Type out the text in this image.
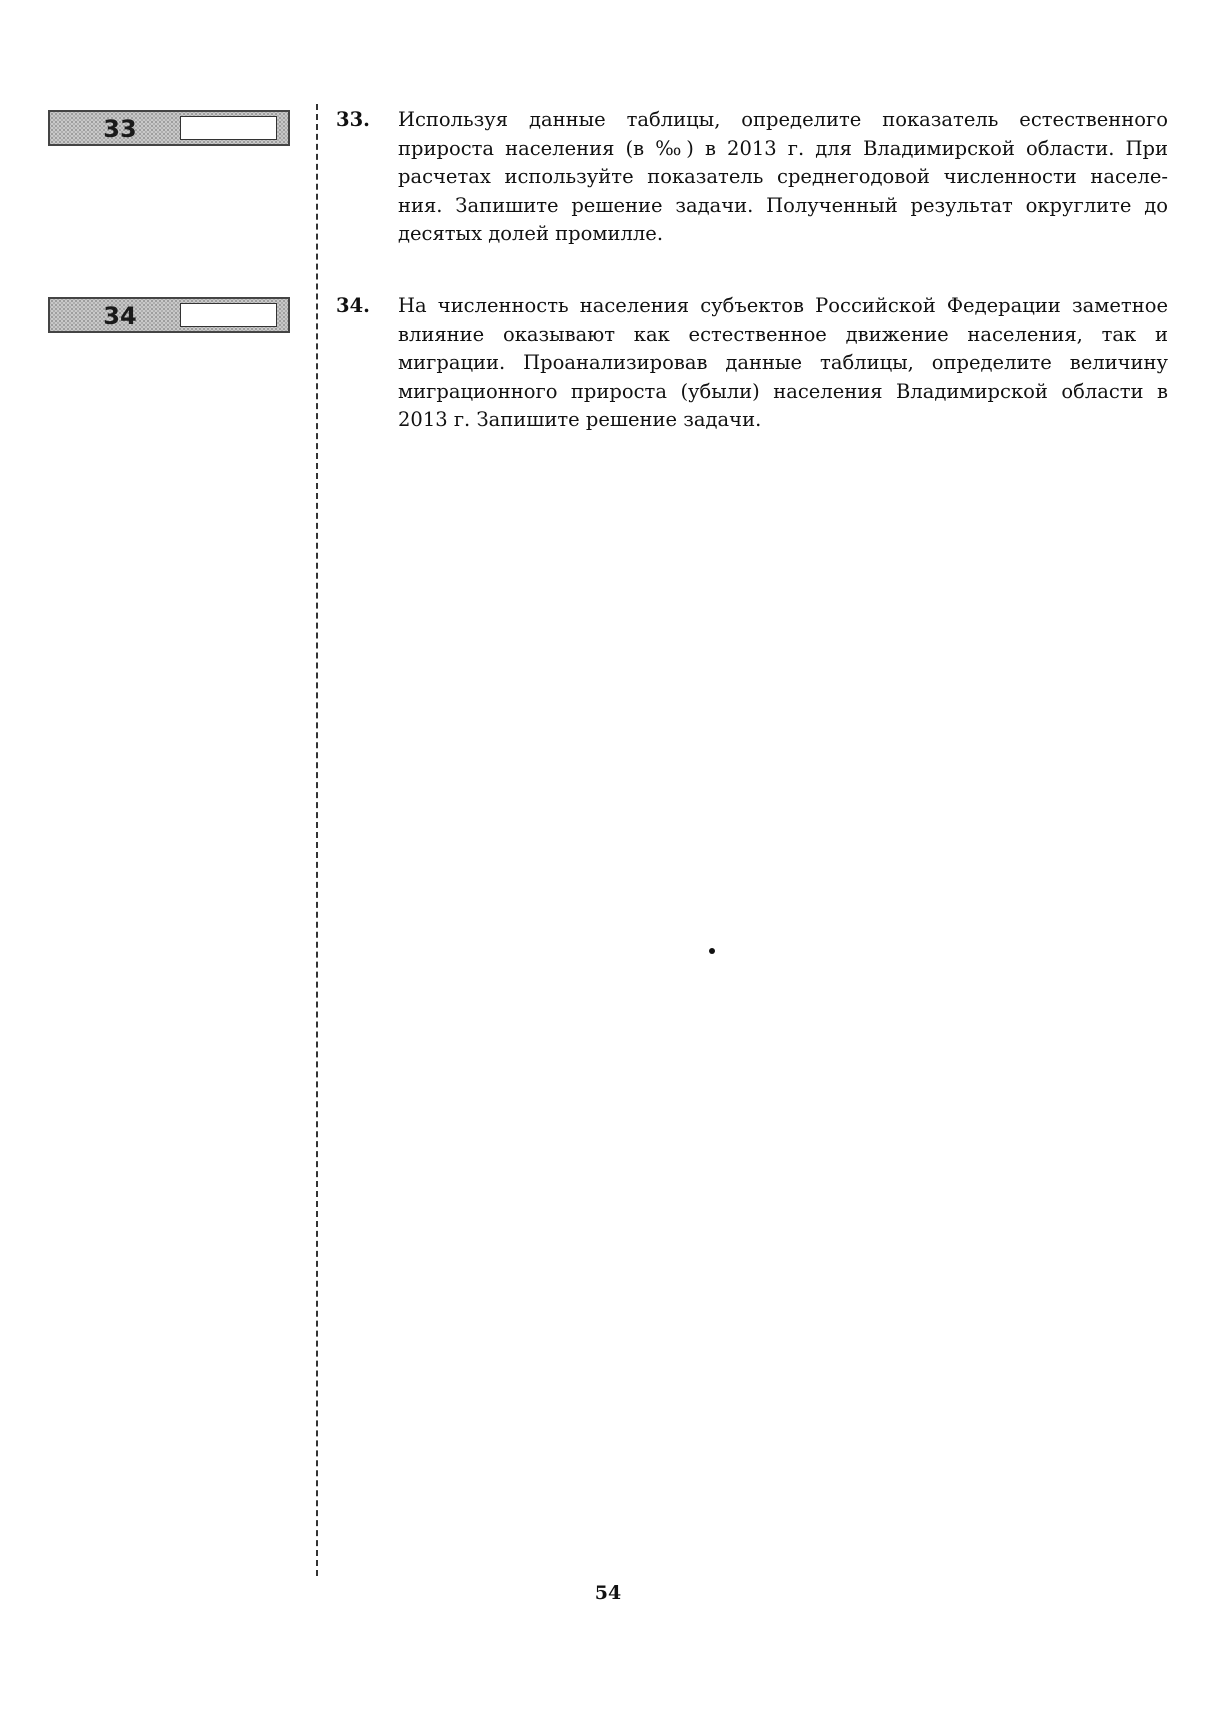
33
34
33. Используя данные таблицы, определите показатель естественного прироста населения (в ‰) в 2013 г. для Владимирской области. При расчетах используйте показатель среднегодовой численности населения. Запишите решение задачи. Полученный результат округлите до десятых долей промилле.
34. На численность населения субъектов Российской Федерации заметное влияние оказывают как естественное движение населения, так и миграции. Проанализировав данные таблицы, определите величину миграционного прироста (убыли) населения Владимирской области в 2013 г. Запишите решение задачи.
54
